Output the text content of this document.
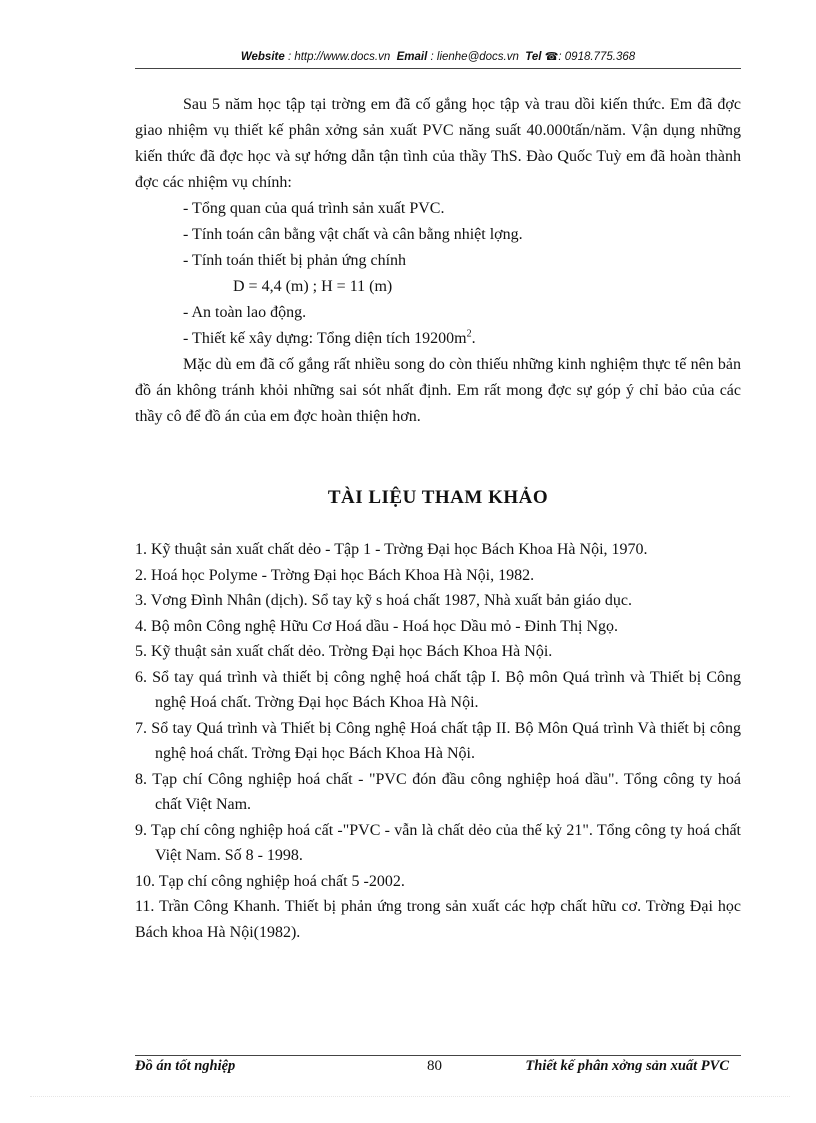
Website : http://www.docs.vn Email : lienhe@docs.vn Tel ☎: 0918.775.368

Sau 5 năm học tập tại trờng em đã cố gắng học tập và trau dồi kiến thức. Em đã đợc giao nhiệm vụ thiết kế phân xởng sản xuất PVC năng suất 40.000tấn/năm. Vận dụng những kiến thức đã đợc học và sự hớng dẫn tận tình của thầy ThS. Đào Quốc Tuỳ em đã hoàn thành đợc các nhiệm vụ chính:

- Tổng quan của quá trình sản xuất PVC.

- Tính toán cân bằng vật chất và cân bằng nhiệt lợng.

- Tính toán thiết bị phản ứng chính

D = 4,4 (m) ; H = 11 (m)

- An toàn lao động.

- Thiết kế xây dựng: Tổng diện tích $19200m^2$.

Mặc dù em đã cố gắng rất nhiều song do còn thiếu những kinh nghiệm thực tế nên bản đồ án không tránh khỏi những sai sót nhất định. Em rất mong đợc sự góp ý chỉ bảo của các thầy cô để đồ án của em đợc hoàn thiện hơn.

TÀI LIỆU THAM KHẢO
1. Kỹ thuật sản xuất chất dẻo - Tập 1 - Trờng Đại học Bách Khoa Hà Nội, 1970.
2. Hoá học Polyme - Trờng Đại học Bách Khoa Hà Nội, 1982.
3. Vơng Đình Nhân (dịch). Sổ tay kỹ s hoá chất 1987, Nhà xuất bản giáo dục.
4. Bộ môn Công nghệ Hữu Cơ Hoá dầu - Hoá học Dầu mỏ - Đinh Thị Ngọ.
5. Kỹ thuật sản xuất chất dẻo. Trờng Đại học Bách Khoa Hà Nội.
6. Sổ tay quá trình và thiết bị công nghệ hoá chất tập I. Bộ môn Quá trình và Thiết bị Công nghệ Hoá chất. Trờng Đại học Bách Khoa Hà Nội.
7. Sổ tay Quá trình và Thiết bị Công nghệ Hoá chất tập II. Bộ Môn Quá trình Và thiết bị công nghệ hoá chất. Trờng Đại học Bách Khoa Hà Nội.
8. Tạp chí Công nghiệp hoá chất - "PVC đón đầu công nghiệp hoá dầu". Tổng công ty hoá chất Việt Nam.
9. Tạp chí công nghiệp hoá cất -"PVC - vẫn là chất dẻo của thế kỷ 21". Tổng công ty hoá chất Việt Nam. Số 8 - 1998.
10. Tạp chí công nghiệp hoá chất 5 -2002.
11. Trần Công Khanh. Thiết bị phản ứng trong sản xuất các hợp chất hữu cơ. Trờng Đại học Bách khoa Hà Nội(1982).
Đồ án tốt nghiệp	80	Thiết kế phân xởng sản xuất PVC
